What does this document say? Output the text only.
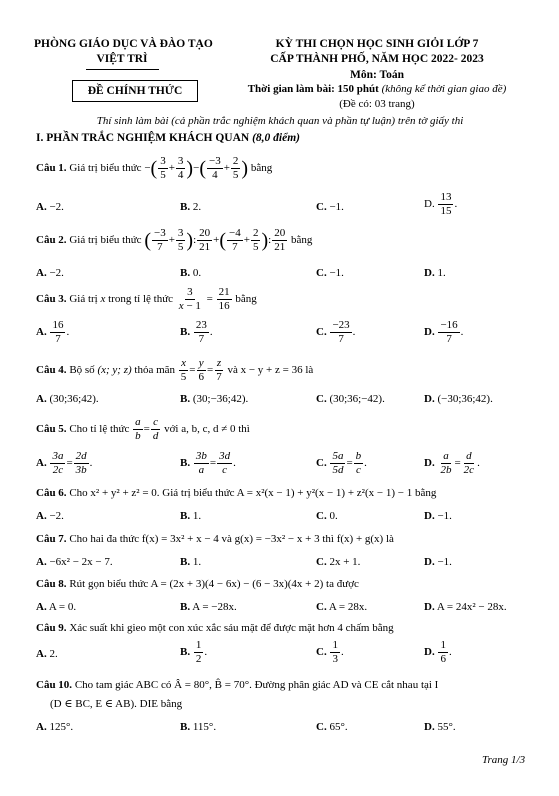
PHÒNG GIÁO DỤC VÀ ĐÀO TẠO
VIỆT TRÌ
ĐỀ CHÍNH THỨC
KỲ THI CHỌN HỌC SINH GIỎI LỚP 7
CẤP THÀNH PHỐ, NĂM HỌC 2022- 2023
Môn: Toán
Thời gian làm bài: 150 phút (không kể thời gian giao đề)
(Đề có: 03 trang)
Thí sinh làm bài (cả phần trắc nghiệm khách quan và phần tự luận) trên tờ giấy thi
I. PHẦN TRẮC NGHIỆM KHÁCH QUAN (8,0 điểm)
Câu 1. Giá trị biểu thức −( $\frac{3}{5} + \frac{3}{4}$ )−( $\frac{-3}{4} + \frac{2}{5}$ ) bằng
A. −2.	B. 2.	C. −1.	D. $\frac{13}{15}$ .
Câu 2. Giá trị biểu thức ( $\frac{-3}{7} + \frac{3}{5}$ ): $\frac{20}{21}$ +( $\frac{-4}{7} + \frac{2}{5}$ ): $\frac{20}{21}$ bằng
A. −2.	B. 0.	C. −1.	D. 1.
Câu 3. Giá trị x trong tỉ lệ thức $\frac{3}{x - 1} = \frac{21}{16}$ bằng
A. $\frac{16}{7}$ .	B. $\frac{23}{7}$ .	C. $\frac{-23}{7}$ .	D. $\frac{-16}{7}$ .
Câu 4. Bộ số (x; y; z) thỏa mãn $\frac{x}{5} = \frac{y}{6} = \frac{z}{7}$ và x − y + z = 36 là
A. (30;36;42).	B. (30;−36;42).	C. (30;36;−42).	D. (−30;36;42).
Câu 5. Cho tỉ lệ thức $\frac{a}{b} = \frac{c}{d}$ với a, b, c, d ≠ 0 thì
A. $\frac{3a}{2c} = \frac{2d}{3b}$ .	B. $\frac{3b}{a} = \frac{3d}{c}$ .	C. $\frac{5a}{5d} = \frac{b}{c}$ .	D. $\frac{a}{2b} = \frac{d}{2c}$ .
Câu 6. Cho x² + y² + z² = 0. Giá trị biểu thức A = x²(x − 1) + y²(x − 1) + z²(x − 1) − 1 bằng
A. −2.	B. 1.	C. 0.	D. −1.
Câu 7. Cho hai đa thức f(x) = 3x² + x − 4 và g(x) = −3x² − x + 3 thì f(x) + g(x) là
A. −6x² − 2x − 7.	B. 1.	C. 2x + 1.	D. −1.
Câu 8. Rút gọn biểu thức A = (2x + 3)(4 − 6x) − (6 − 3x)(4x + 2) ta được
A. A = 0.	B. A = −28x.	C. A = 28x.	D. A = 24x² − 28x.
Câu 9. Xác suất khi gieo một con xúc xắc sáu mặt để được mặt hơn 4 chấm bằng
A. 2.	B. $\frac{1}{2}$ .	C. $\frac{1}{3}$ .	D. $\frac{1}{6}$ .
Câu 10. Cho tam giác ABC có Â = 80°, B̂ = 70°. Đường phân giác AD và CE cắt nhau tại I
(D ∈ BC, E ∈ AB). DIE bằng
A. 125°.	B. 115°.	C. 65°.	D. 55°.
Trang 1/3
